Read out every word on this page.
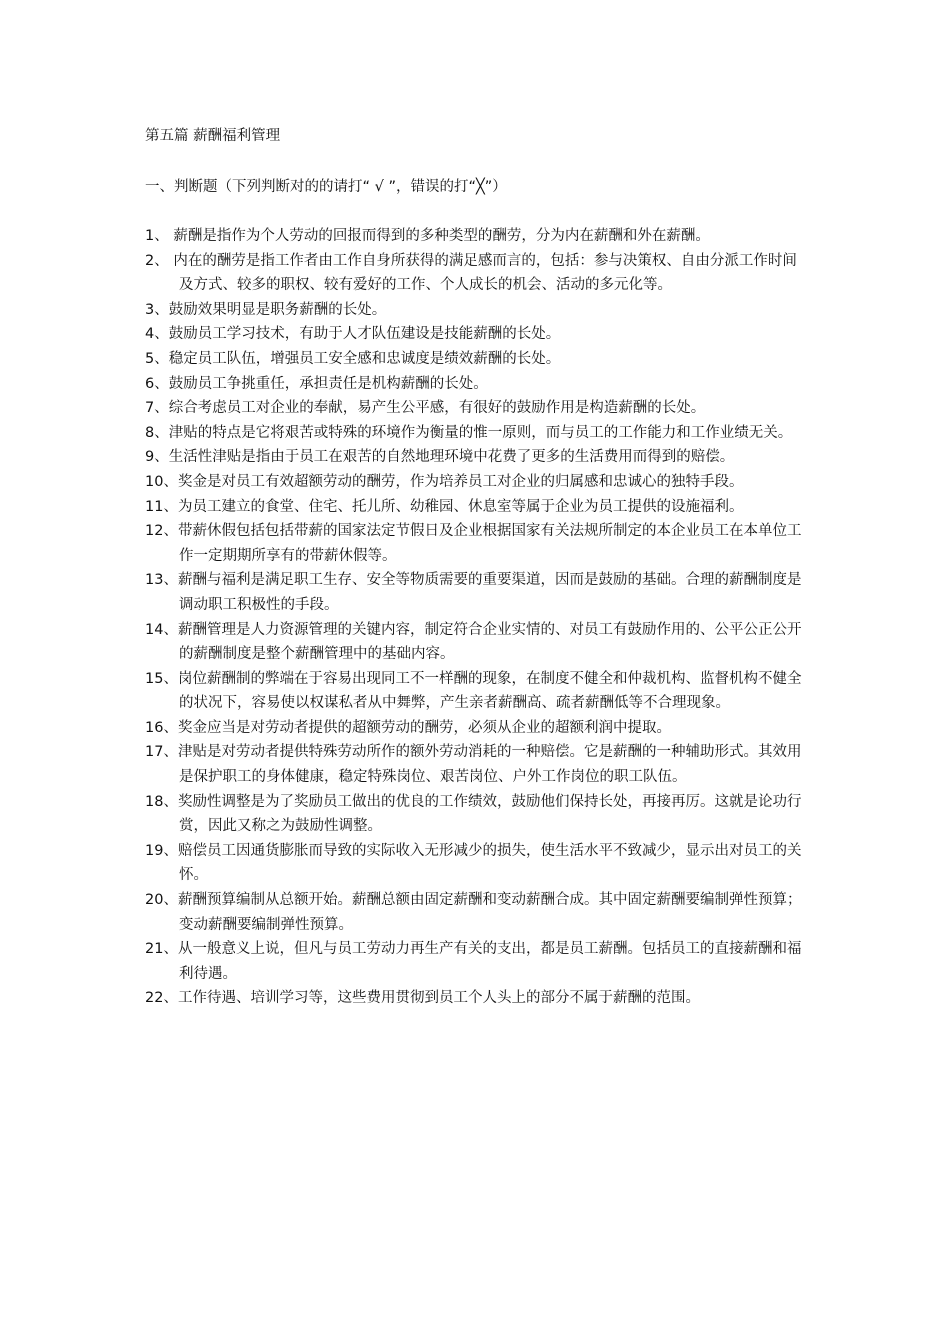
第五篇 薪酬福利管理
一、判断题（下列判断对的的请打“ √ ”，错误的打“╳”）
1、 薪酬是指作为个人劳动的回报而得到的多种类型的酬劳，分为内在薪酬和外在薪酬。
2、 内在的酬劳是指工作者由工作自身所获得的满足感而言的，包括：参与决策权、自由分派工作时间及方式、较多的职权、较有爱好的工作、个人成长的机会、活动的多元化等。
3、鼓励效果明显是职务薪酬的长处。
4、鼓励员工学习技术，有助于人才队伍建设是技能薪酬的长处。
5、稳定员工队伍，增强员工安全感和忠诚度是绩效薪酬的长处。
6、鼓励员工争挑重任，承担责任是机构薪酬的长处。
7、综合考虑员工对企业的奉献，易产生公平感，有很好的鼓励作用是构造薪酬的长处。
8、津贴的特点是它将艰苦或特殊的环境作为衡量的惟一原则，而与员工的工作能力和工作业绩无关。
9、生活性津贴是指由于员工在艰苦的自然地理环境中花费了更多的生活费用而得到的赔偿。
10、奖金是对员工有效超额劳动的酬劳，作为培养员工对企业的归属感和忠诚心的独特手段。
11、为员工建立的食堂、住宅、托儿所、幼稚园、休息室等属于企业为员工提供的设施福利。
12、带薪休假包括包括带薪的国家法定节假日及企业根据国家有关法规所制定的本企业员工在本单位工作一定期期所享有的带薪休假等。
13、薪酬与福利是满足职工生存、安全等物质需要的重要渠道，因而是鼓励的基础。合理的薪酬制度是调动职工积极性的手段。
14、薪酬管理是人力资源管理的关键内容，制定符合企业实情的、对员工有鼓励作用的、公平公正公开的薪酬制度是整个薪酬管理中的基础内容。
15、岗位薪酬制的弊端在于容易出现同工不一样酬的现象，在制度不健全和仲裁机构、监督机构不健全的状况下，容易使以权谋私者从中舞弊，产生亲者薪酬高、疏者薪酬低等不合理现象。
16、奖金应当是对劳动者提供的超额劳动的酬劳，必须从企业的超额利润中提取。
17、津贴是对劳动者提供特殊劳动所作的额外劳动消耗的一种赔偿。它是薪酬的一种辅助形式。其效用是保护职工的身体健康，稳定特殊岗位、艰苦岗位、户外工作岗位的职工队伍。
18、奖励性调整是为了奖励员工做出的优良的工作绩效，鼓励他们保持长处，再接再厉。这就是论功行赏，因此又称之为鼓励性调整。
19、赔偿员工因通货膨胀而导致的实际收入无形减少的损失，使生活水平不致减少，显示出对员工的关怀。
20、薪酬预算编制从总额开始。薪酬总额由固定薪酬和变动薪酬合成。其中固定薪酬要编制弹性预算；变动薪酬要编制弹性预算。
21、从一般意义上说，但凡与员工劳动力再生产有关的支出，都是员工薪酬。包括员工的直接薪酬和福利待遇。
22、工作待遇、培训学习等，这些费用贯彻到员工个人头上的部分不属于薪酬的范围。
